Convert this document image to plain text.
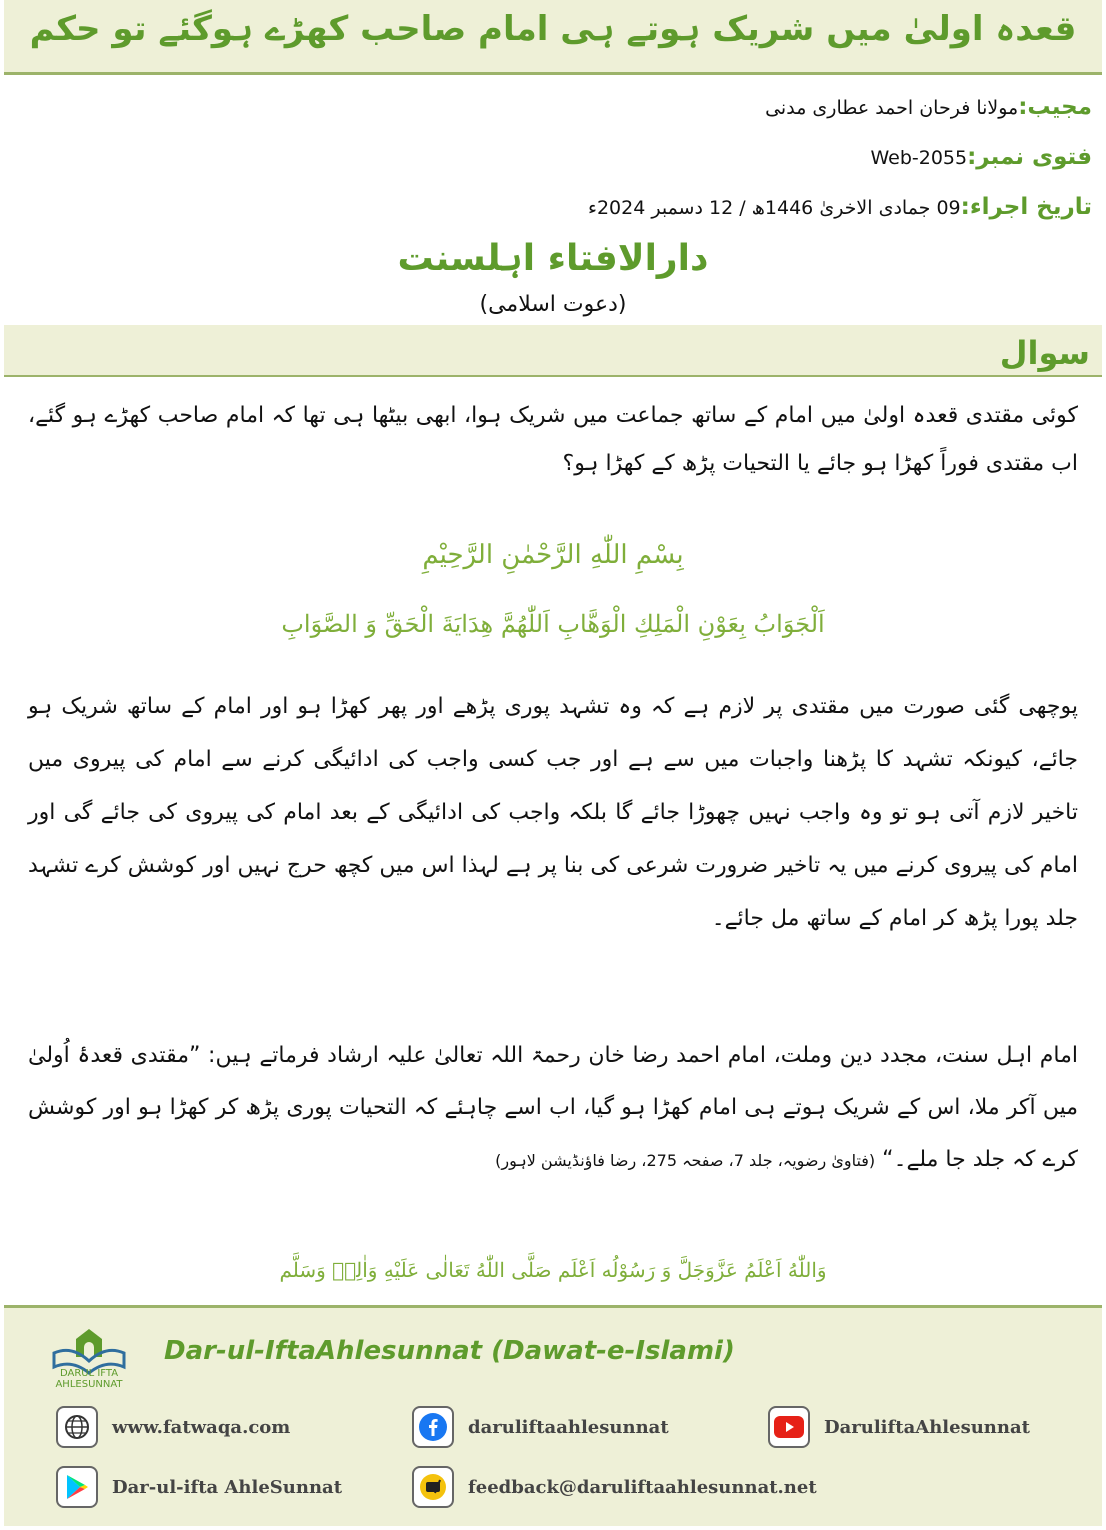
قعدہ اولیٰ میں شریک ہوتے ہی امام صاحب کھڑے ہوگئے تو حکم
مجیب:مولانا فرحان احمد عطاری مدنی
فتوی نمبر:Web-2055
تاریخ اجراء:09 جمادی الاخریٰ 1446ھ / 12 دسمبر 2024ء
دارالافتاء اہلسنت
(دعوت اسلامی)
سوال
کوئی مقتدی قعدہ اولیٰ میں امام کے ساتھ جماعت میں شریک ہوا، ابھی بیٹھا ہی تھا کہ امام صاحب کھڑے ہو گئے، اب مقتدی فوراً کھڑا ہو جائے یا التحیات پڑھ کے کھڑا ہو؟
بِسْمِ اللّٰهِ الرَّحْمٰنِ الرَّحِيْمِ
اَلْجَوَابُ بِعَوْنِ الْمَلِكِ الْوَهَّابِ اَللّٰهُمَّ هِدَايَةَ الْحَقِّ وَ الصَّوَابِ
پوچھی گئی صورت میں مقتدی پر لازم ہے کہ وہ تشہد پوری پڑھے اور پھر کھڑا ہو اور امام کے ساتھ شریک ہو جائے، کیونکہ تشہد کا پڑھنا واجبات میں سے ہے اور جب کسی واجب کی ادائیگی کرنے سے امام کی پیروی میں تاخیر لازم آتی ہو تو وہ واجب نہیں چھوڑا جائے گا بلکہ واجب کی ادائیگی کے بعد امام کی پیروی کی جائے گی اور امام کی پیروی کرنے میں یہ تاخیر ضرورت شرعی کی بنا پر ہے لہذا اس میں کچھ حرج نہیں اور کوشش کرے تشہد جلد پورا پڑھ کر امام کے ساتھ مل جائے۔
امام اہل سنت، مجدد دین وملت، امام احمد رضا خان رحمۃ اللہ تعالیٰ علیہ ارشاد فرماتے ہیں: ”مقتدی قعدۂ اُولیٰ میں آکر ملا، اس کے شریک ہوتے ہی امام کھڑا ہو گیا، اب اسے چاہئے کہ التحیات پوری پڑھ کر کھڑا ہو اور کوشش کرے کہ جلد جا ملے۔“ (فتاویٰ رضویہ، جلد 7، صفحہ 275، رضا فاؤنڈیشن لاہور)
وَاللّٰهُ اَعْلَمُ عَزَّوَجَلَّ وَ رَسُوْلُه اَعْلَم صَلَّی اللّٰهُ تَعَالٰی عَلَيْهِ وَاٰلِهٖ وَسَلَّم
DARUL IFTA AHLESUNNAT
Dar-ul-IftaAhlesunnat (Dawat-e-Islami)
www.fatwaqa.com	daruliftaahlesunnat	DaruliftaAhlesunnat
Dar-ul-ifta AhleSunnat	feedback@daruliftaahlesunnat.net
